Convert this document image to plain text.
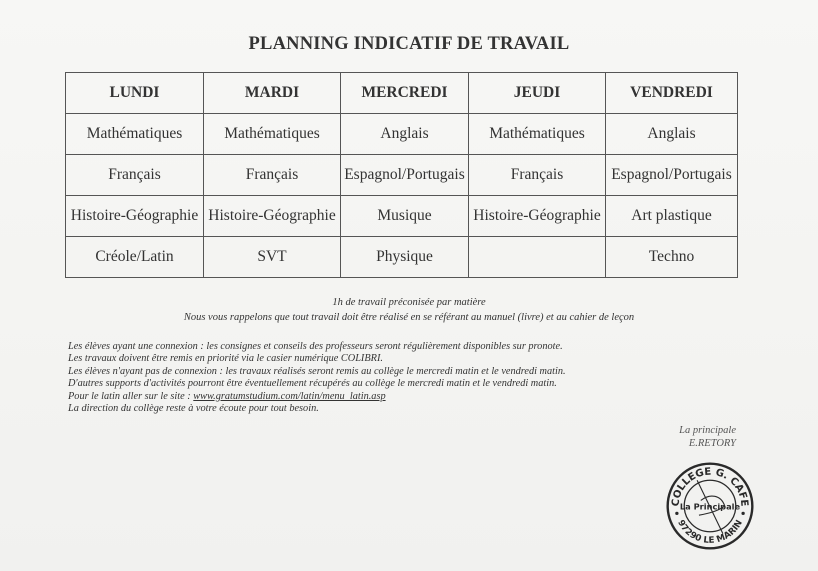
PLANNING INDICATIF DE TRAVAIL
LUNDI	MARDI	MERCREDI	JEUDI	VENDREDI
Mathématiques	Mathématiques	Anglais	Mathématiques	Anglais
Français	Français	Espagnol/Portugais	Français	Espagnol/Portugais
Histoire-Géographie	Histoire-Géographie	Musique	Histoire-Géographie	Art plastique
Créole/Latin	SVT	Physique		Techno
1h de travail préconisée par matière
Nous vous rappelons que tout travail doit être réalisé en se référant au manuel (livre) et au cahier de leçon
Les élèves ayant une connexion : les consignes et conseils des professeurs seront régulièrement disponibles sur pronote.
Les travaux doivent être remis en priorité via le casier numérique COLIBRI.
Les élèves n'ayant pas de connexion : les travaux réalisés seront remis au collège le mercredi matin et le vendredi matin.
D'autres supports d'activités pourront être éventuellement récupérés au collège le mercredi matin et le vendredi matin.
Pour le latin aller sur le site : www.gratumstudium.com/latin/menu_latin.asp
La direction du collège reste à votre écoute pour tout besoin.
La principale
E.RETORY
COLLEGE G. CAFE
La Principale
97290 LE MARIN
